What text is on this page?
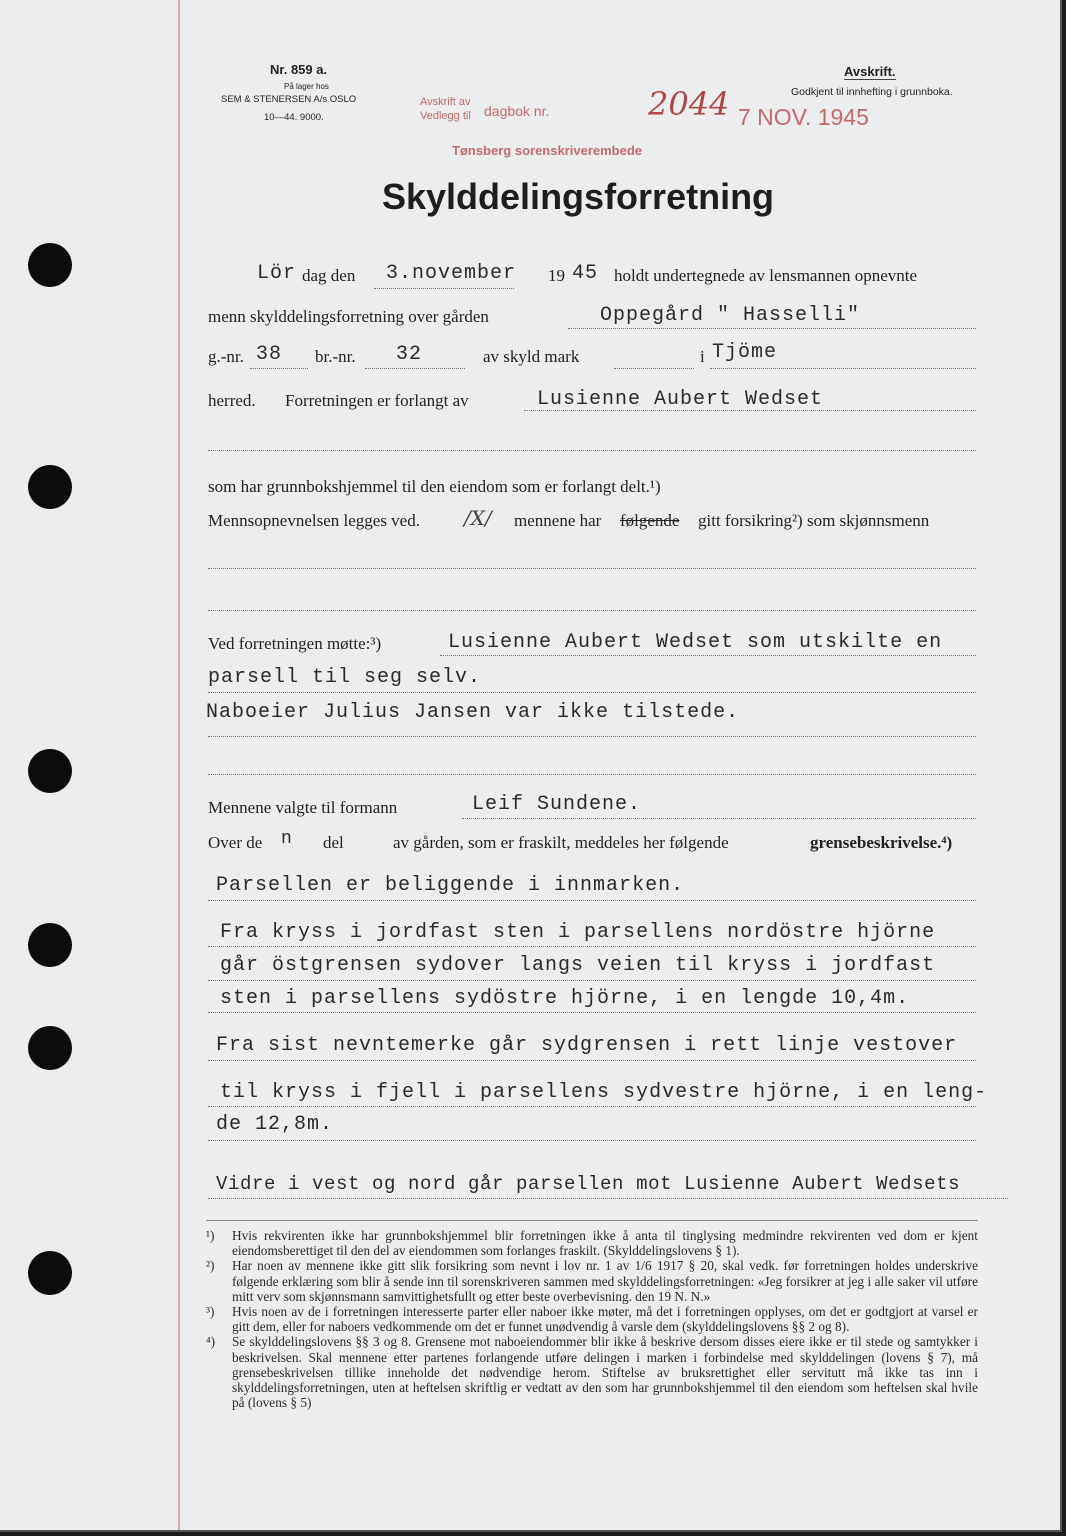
Nr. 859 a.
På lager hos
SEM & STENERSEN A/s OSLO
10—44. 9000.
Avskrift.
Godkjent til innhefting i grunnboka.
Avskrift av
Vedlegg til dagbok nr.	2044 7 NOV. 1945
Tønsberg sorenskriverembede
Skylddelingsforretning
Lör dag den 3.november 19 45 holdt undertegnede av lensmannen opnevnte
menn skylddelingsforretning over gården	Oppegård " Hasselli"
g.-nr. 38 br.-nr. 32	av skyld mark	i Tjöme
herred. Forretningen er forlangt av	Lusienne Aubert Wedset
som har grunnbokshjemmel til den eiendom som er forlangt delt.¹)
Mennsopnevnelsen legges ved. /X/ mennene har følgende gitt forsikring²) som skjønnsmenn
Ved forretningen møtte:³)	Lusienne Aubert Wedset som utskilte en
parsell til seg selv.
Naboeier Julius Jansen var ikke tilstede.
Mennene valgte til formann	Leif Sundene.
Over de n del	av gården, som er fraskilt, meddeles her følgende	grensebeskrivelse.⁴)
Parsellen er beliggende i innmarken.
Fra kryss i jordfast sten i parsellens nordöstre hjörne
går östgrensen sydover langs veien til kryss i jordfast
sten i parsellens sydöstre hjörne, i en lengde 10,4m.
Fra sist nevntemerke går sydgrensen i rett linje vestover
til kryss i fjell i parsellens sydvestre hjörne, i en leng-
de 12,8m.
Vidre i vest og nord går parsellen mot Lusienne Aubert Wedsets
¹)	Hvis rekvirenten ikke har grunnbokshjemmel blir forretningen ikke å anta til tinglysing medmindre rekvirenten ved dom er kjent eiendomsberettiget til den del av eiendommen som forlanges fraskilt. (Skylddelingslovens § 1).
²)	Har noen av mennene ikke gitt slik forsikring som nevnt i lov nr. 1 av 1/6 1917 § 20, skal vedk. før forretningen holdes underskrive følgende erklæring som blir å sende inn til sorenskriveren sammen med skylddelingsforretningen: «Jeg forsikrer at jeg i alle saker vil utføre mitt verv som skjønnsmann samvittighetsfullt og etter beste overbevisning. den 19 N. N.»
³)	Hvis noen av de i forretningen interesserte parter eller naboer ikke møter, må det i forretningen opplyses, om det er godtgjort at varsel er gitt dem, eller for naboers vedkommende om det er funnet unødvendig å varsle dem (skylddelingslovens §§ 2 og 8).
⁴)	Se skylddelingslovens §§ 3 og 8. Grensene mot naboeiendommer blir ikke å beskrive dersom disses eiere ikke er til stede og samtykker i beskrivelsen. Skal mennene etter partenes forlangende utføre delingen i marken i forbindelse med skylddelingen (lovens § 7), må grensebeskrivelsen tillike inneholde det nødvendige herom. Stiftelse av bruksrettighet eller servitutt må ikke tas inn i skylddelingsforretningen, uten at heftelsen skriftlig er vedtatt av den som har grunnbokshjemmel til den eiendom som heftelsen skal hvile på (lovens § 5)
